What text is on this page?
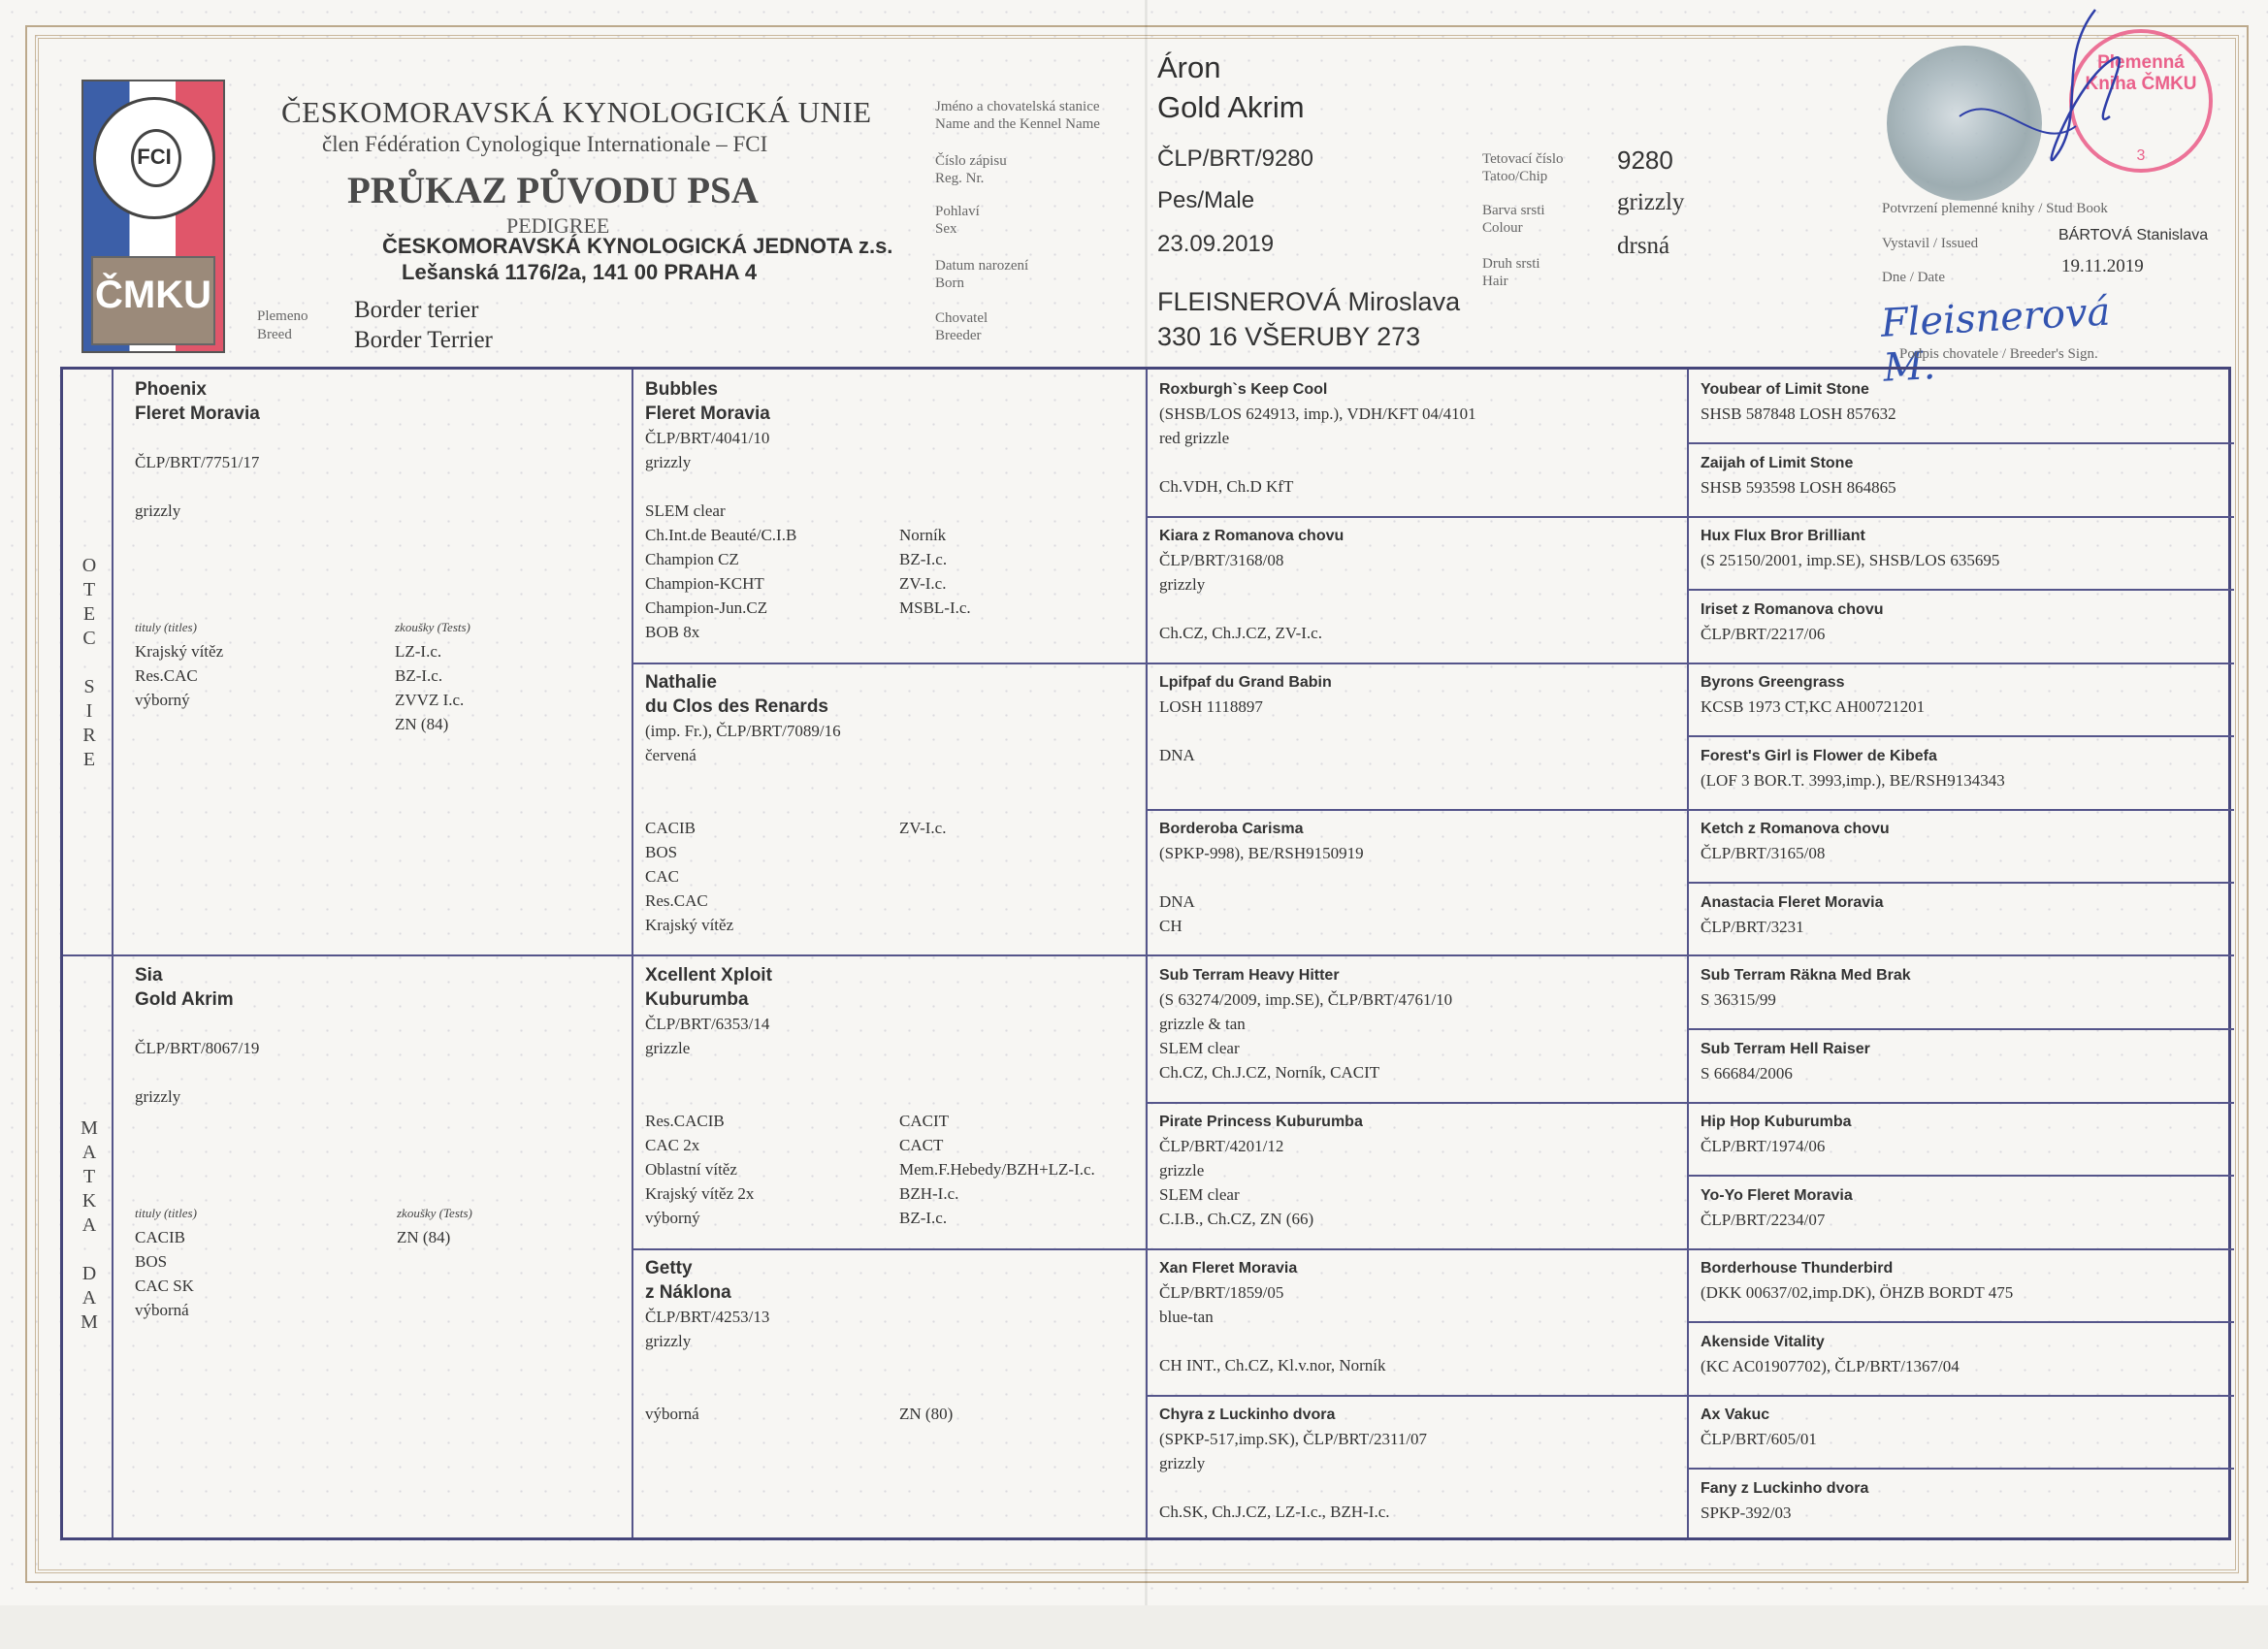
FCI
ČMKU
ČESKOMORAVSKÁ KYNOLOGICKÁ UNIE
člen Fédération Cynologique Internationale – FCI
PRŮKAZ PŮVODU PSA
PEDIGREE
ČESKOMORAVSKÁ KYNOLOGICKÁ JEDNOTA z.s.
Lešanská 1176/2a, 141 00 PRAHA 4
Plemeno
Breed
Border terier
Border Terrier
Jméno a chovatelská stanice
Name and the Kennel Name
Číslo zápisu
Reg. Nr.
Pohlaví
Sex
Datum narození
Born
Chovatel
Breeder
Áron
Gold Akrim
ČLP/BRT/9280
Pes/Male
23.09.2019
FLEISNEROVÁ Miroslava
330 16 VŠERUBY 273
Tetovací číslo
Tatoo/Chip
Barva srsti
Colour
Druh srsti
Hair
9280
grizzly
drsná
Plemenná Kniha ČMKU
3
Potvrzení plemenné knihy / Stud Book
Vystavil / Issued	BÁRTOVÁ Stanislava
Dne / Date
19.11.2019
Fleisnerová M.
Podpis chovatele / Breeder's Sign.
O
T
E
C

S
I
R
E
M
A
T
K
A

D
A
M
Phoenix
Fleret Moravia
ČLP/BRT/7751/17
grizzly
tituly (titles)
Krajský vítěz
Res.CAC
výborný
zkoušky (Tests)
LZ-I.c.
BZ-I.c.
ZVVZ I.c.
ZN (84)
Sia
Gold Akrim
ČLP/BRT/8067/19
grizzly
tituly (titles)
CACIB
BOS
CAC SK
výborná
zkoušky (Tests)
ZN (84)
Bubbles
Fleret Moravia
ČLP/BRT/4041/10
grizzly

SLEM clear
Ch.Int.de Beauté/C.I.B
Champion CZ
Champion-KCHT
Champion-Jun.CZ
BOB 8x
Norník
BZ-I.c.
ZV-I.c.
MSBL-I.c.
Nathalie
du Clos des Renards
(imp. Fr.), ČLP/BRT/7089/16
červená
CACIB
BOS
CAC
Res.CAC
Krajský vítěz
ZV-I.c.
Xcellent Xploit
Kuburumba
ČLP/BRT/6353/14
grizzle
Res.CACIB
CAC 2x
Oblastní vítěz
Krajský vítěz 2x
výborný
CACIT
CACT
Mem.F.Hebedy/BZH+LZ-I.c.
BZH-I.c.
BZ-I.c.
Getty
z Náklona
ČLP/BRT/4253/13
grizzly
výborná	ZN (80)
Roxburgh`s Keep Cool
(SHSB/LOS 624913, imp.), VDH/KFT 04/4101
red grizzle

Ch.VDH, Ch.D KfT
Kiara z Romanova chovu
ČLP/BRT/3168/08
grizzly

Ch.CZ, Ch.J.CZ, ZV-I.c.
Lpifpaf du Grand Babin
LOSH 1118897

DNA
Borderoba Carisma
(SPKP-998), BE/RSH9150919

DNA
CH
Sub Terram Heavy Hitter
(S 63274/2009, imp.SE), ČLP/BRT/4761/10
grizzle & tan
SLEM clear
Ch.CZ, Ch.J.CZ, Norník, CACIT
Pirate Princess Kuburumba
ČLP/BRT/4201/12
grizzle
SLEM clear
C.I.B., Ch.CZ, ZN (66)
Xan Fleret Moravia
ČLP/BRT/1859/05
blue-tan

CH INT., Ch.CZ, Kl.v.nor, Norník
Chyra z Luckinho dvora
(SPKP-517,imp.SK), ČLP/BRT/2311/07
grizzly

Ch.SK, Ch.J.CZ, LZ-I.c., BZH-I.c.
Youbear of Limit Stone
SHSB 587848 LOSH 857632
Zaijah of Limit Stone
SHSB 593598 LOSH 864865
Hux Flux Bror Brilliant
(S 25150/2001, imp.SE), SHSB/LOS 635695
Iriset z Romanova chovu
ČLP/BRT/2217/06
Byrons Greengrass
KCSB 1973 CT,KC AH00721201
Forest's Girl is Flower de Kibefa
(LOF 3 BOR.T. 3993,imp.), BE/RSH9134343
Ketch z Romanova chovu
ČLP/BRT/3165/08
Anastacia Fleret Moravia
ČLP/BRT/3231
Sub Terram Räkna Med Brak
S 36315/99
Sub Terram Hell Raiser
S 66684/2006
Hip Hop Kuburumba
ČLP/BRT/1974/06
Yo-Yo Fleret Moravia
ČLP/BRT/2234/07
Borderhouse Thunderbird
(DKK 00637/02,imp.DK), ÖHZB BORDT 475
Akenside Vitality
(KC AC01907702), ČLP/BRT/1367/04
Ax Vakuc
ČLP/BRT/605/01
Fany z Luckinho dvora
SPKP-392/03
